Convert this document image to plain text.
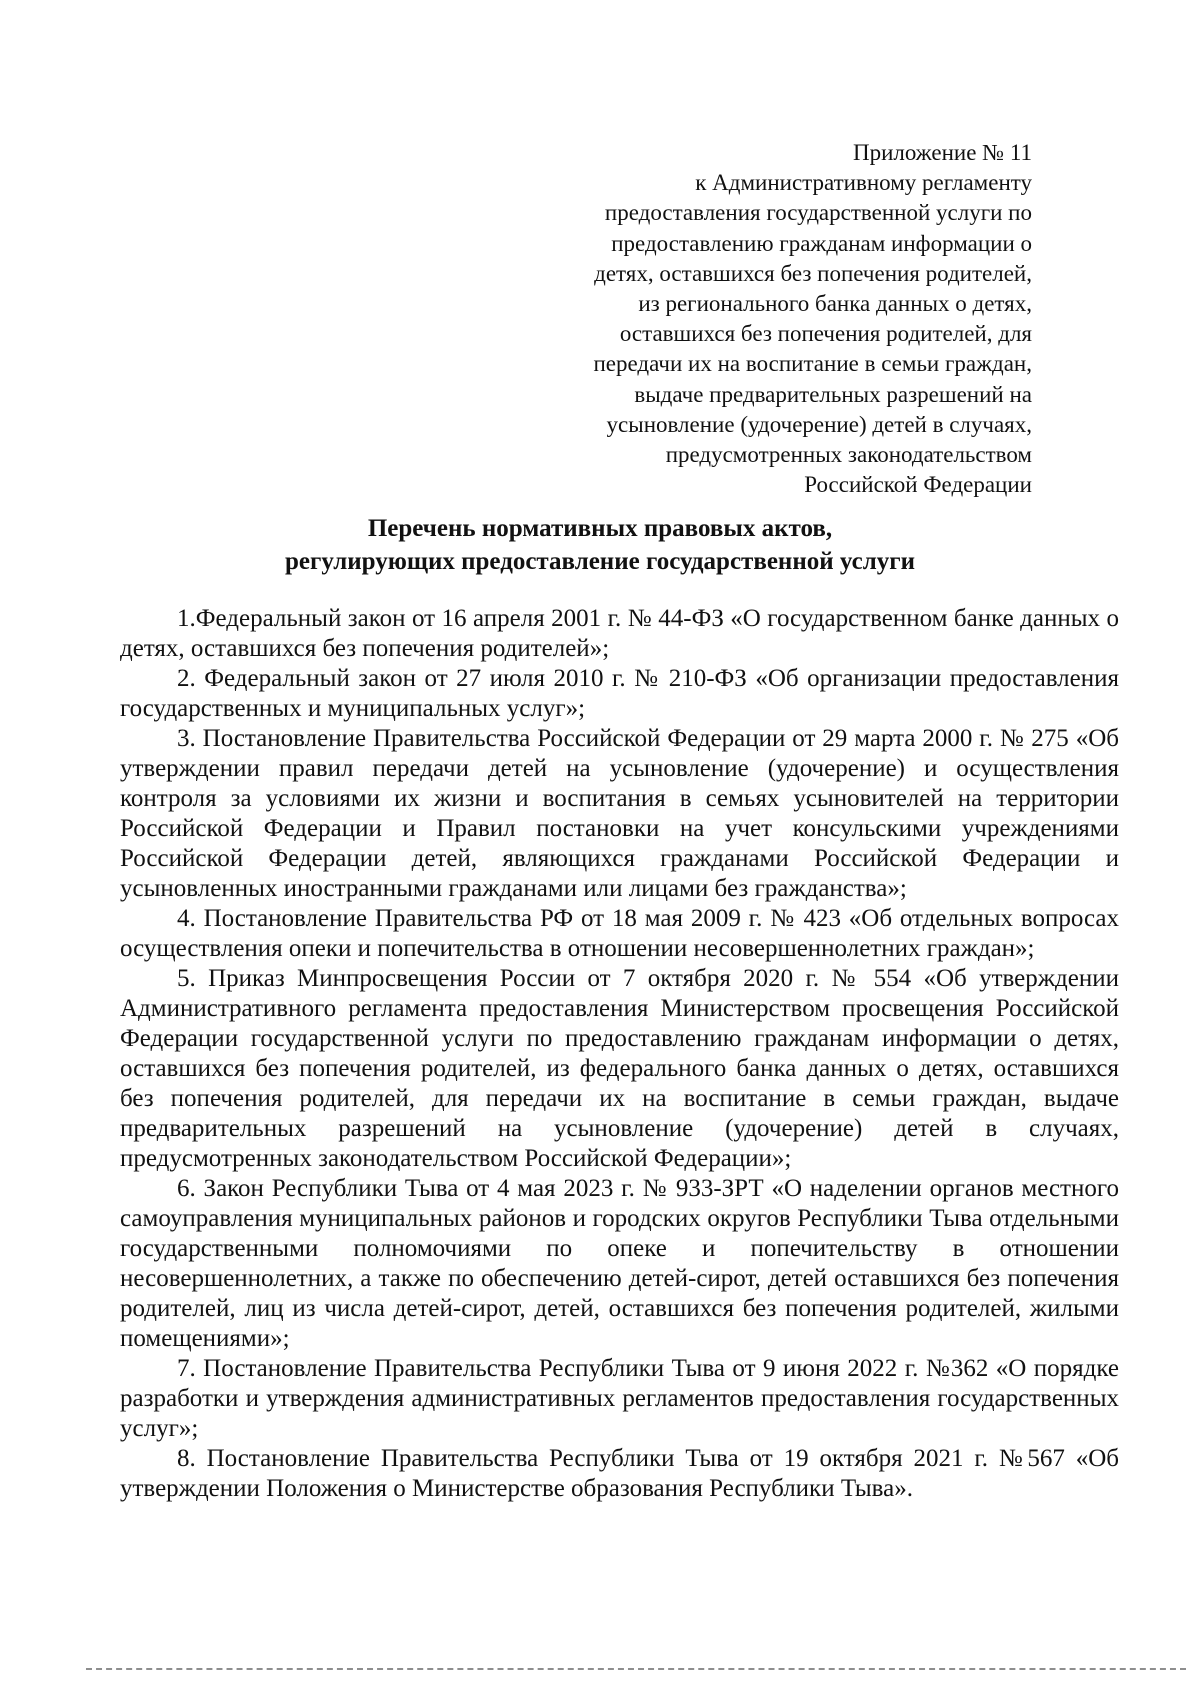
Приложение № 11
к Административному регламенту
предоставления государственной услуги по
предоставлению гражданам информации о
детях, оставшихся без попечения родителей,
из регионального банка данных о детях,
оставшихся без попечения родителей, для
передачи их на воспитание в семьи граждан,
выдаче предварительных разрешений на
усыновление (удочерение) детей в случаях,
предусмотренных законодательством
Российской Федерации
Перечень нормативных правовых актов,
регулирующих предоставление государственной услуги

1.Федеральный закон от 16 апреля 2001 г. № 44-ФЗ «О государственном банке данных о детях, оставшихся без попечения родителей»;

2. Федеральный закон от 27 июля 2010 г. № 210-ФЗ «Об организации предоставления государственных и муниципальных услуг»;

3. Постановление Правительства Российской Федерации от 29 марта 2000 г. № 275 «Об утверждении правил передачи детей на усыновление (удочерение) и осуществления контроля за условиями их жизни и воспитания в семьях усыновителей на территории Российской Федерации и Правил постановки на учет консульскими учреждениями Российской Федерации детей, являющихся гражданами Российской Федерации и усыновленных иностранными гражданами или лицами без гражданства»;

4. Постановление Правительства РФ от 18 мая 2009 г. № 423 «Об отдельных вопросах осуществления опеки и попечительства в отношении несовершеннолетних граждан»;

5. Приказ Минпросвещения России от 7 октября 2020 г. № 554 «Об утверждении Административного регламента предоставления Министерством просвещения Российской Федерации государственной услуги по предоставлению гражданам информации о детях, оставшихся без попечения родителей, из федерального банка данных о детях, оставшихся без попечения родителей, для передачи их на воспитание в семьи граждан, выдаче предварительных разрешений на усыновление (удочерение) детей в случаях, предусмотренных законодательством Российской Федерации»;

6. Закон Республики Тыва от 4 мая 2023 г. № 933-ЗРТ «О наделении органов местного самоуправления муниципальных районов и городских округов Республики Тыва отдельными государственными полномочиями по опеке и попечительству в отношении несовершеннолетних, а также по обеспечению детей-сирот, детей оставшихся без попечения родителей, лиц из числа детей-сирот, детей, оставшихся без попечения родителей, жилыми помещениями»;

7. Постановление Правительства Республики Тыва от 9 июня 2022 г. №362 «О порядке разработки и утверждения административных регламентов предоставления государственных услуг»;

8. Постановление Правительства Республики Тыва от 19 октября 2021 г. №567 «Об утверждении Положения о Министерстве образования Республики Тыва».
